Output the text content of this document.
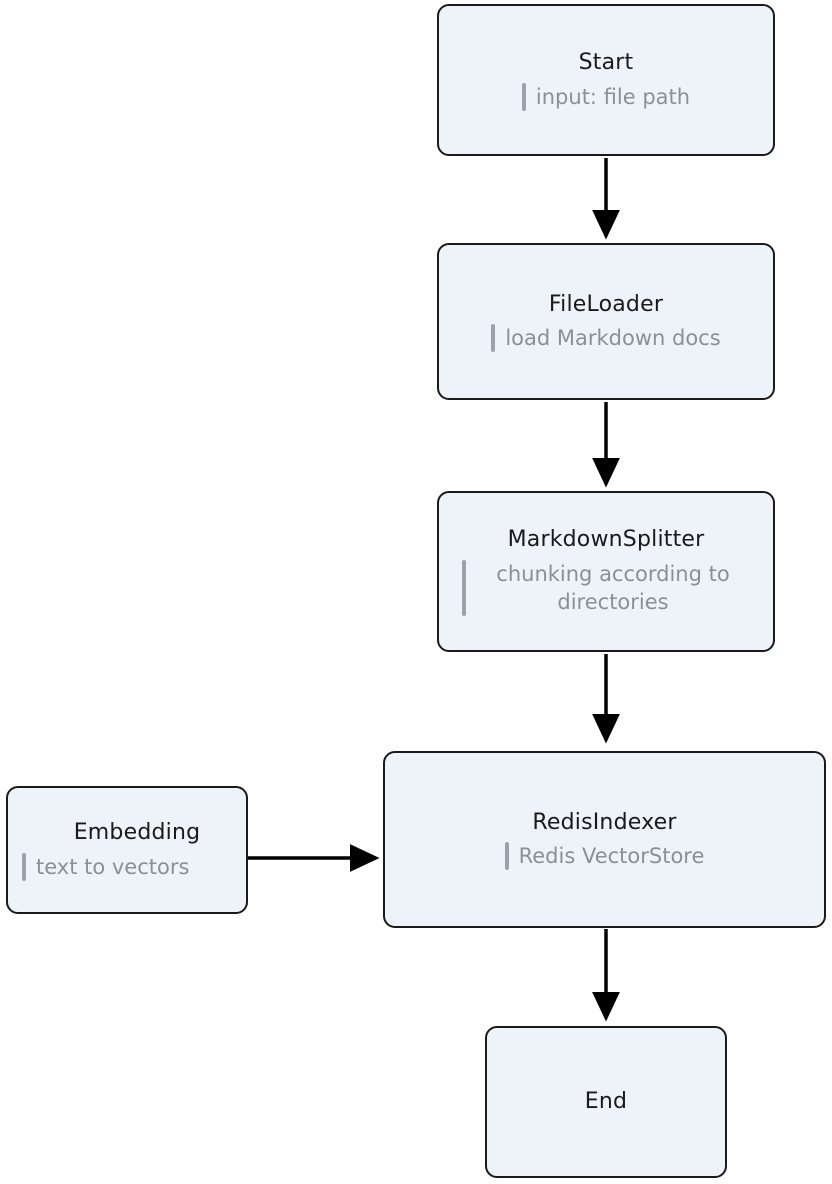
Start
input: file path
FileLoader
load Markdown docs
MarkdownSplitter
chunking according to directories
RedisIndexer
Redis VectorStore
Embedding
text to vectors
End
